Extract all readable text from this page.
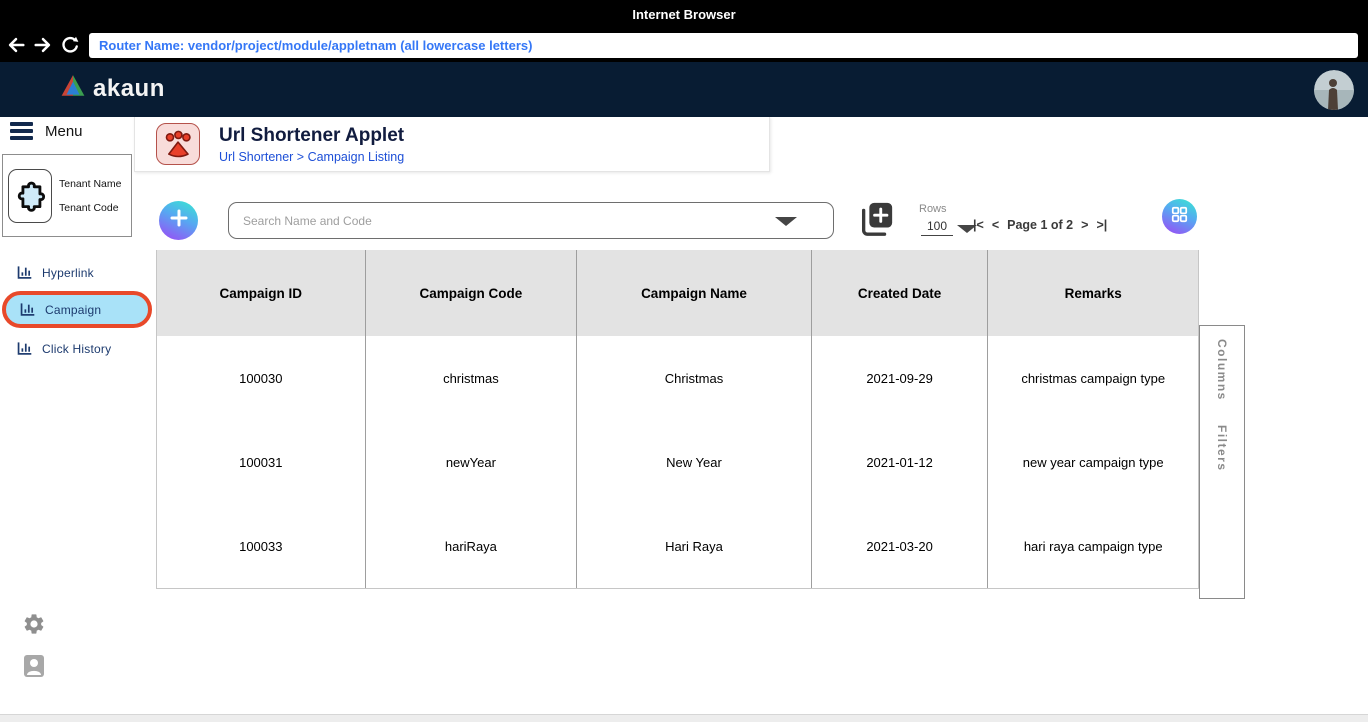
Internet Browser
Router Name: vendor/project/module/appletnam (all lowercase letters)
akaun
Menu
Tenant Name
Tenant Code
Hyperlink
Campaign
Click History
Url Shortener Applet
Url Shortener > Campaign Listing
Search Name and Code
Rows
100	|< < Page 1 of 2 > >|
Campaign ID	Campaign Code	Campaign Name	Created Date	Remarks
100030	christmas	Christmas	2021-09-29	christmas campaign type
100031	newYear	New Year	2021-01-12	new year campaign type
100033	hariRaya	Hari Raya	2021-03-20	hari raya campaign type
Columns
Filters
